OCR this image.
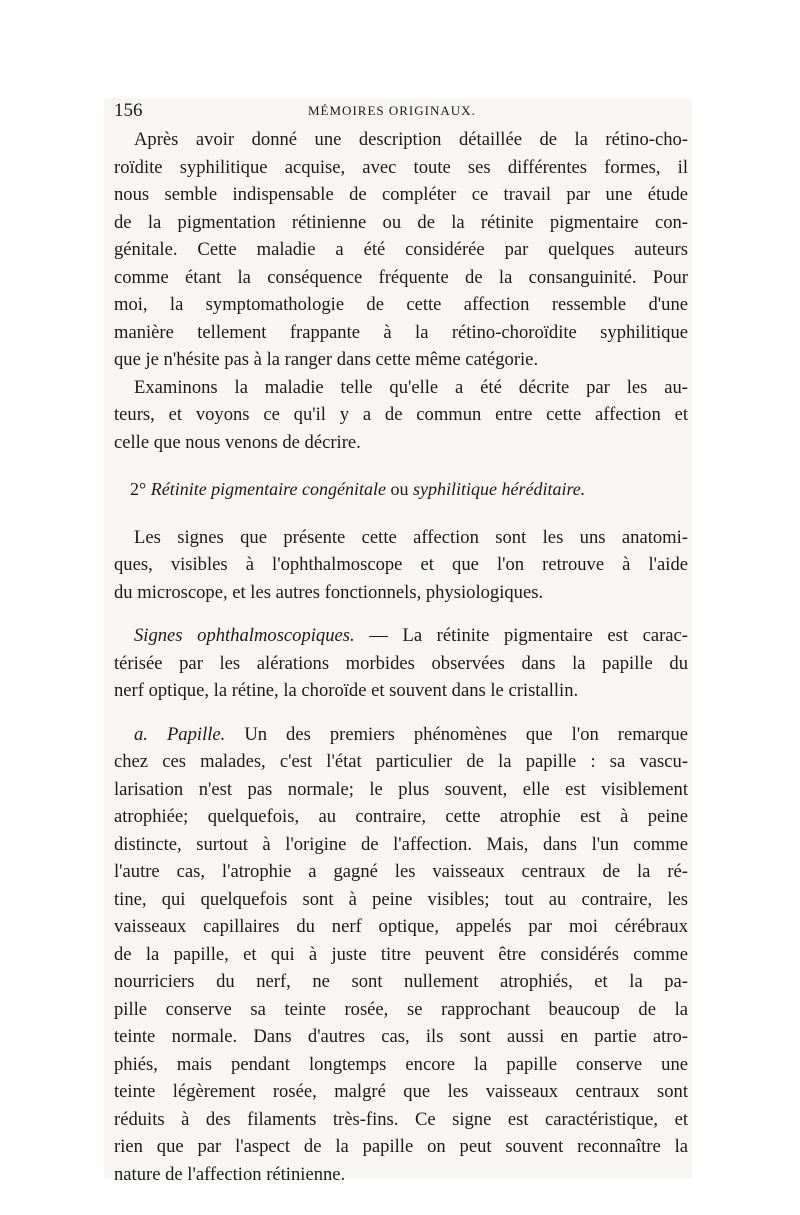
156	MÉMOIRES ORIGINAUX.
Après avoir donné une description détaillée de la rétino-cho-
roïdite syphilitique acquise, avec toute ses différentes formes, il
nous semble indispensable de compléter ce travail par une étude
de la pigmentation rétinienne ou de la rétinite pigmentaire con-
génitale. Cette maladie a été considérée par quelques auteurs
comme étant la conséquence fréquente de la consanguinité. Pour
moi, la symptomathologie de cette affection ressemble d'une
manière tellement frappante à la rétino-choroïdite syphilitique
que je n'hésite pas à la ranger dans cette même catégorie.
Examinons la maladie telle qu'elle a été décrite par les au-
teurs, et voyons ce qu'il y a de commun entre cette affection et
celle que nous venons de décrire.
2° Rétinite pigmentaire congénitale ou syphilitique héréditaire.
Les signes que présente cette affection sont les uns anatomi-
ques, visibles à l'ophthalmoscope et que l'on retrouve à l'aide
du microscope, et les autres fonctionnels, physiologiques.
Signes ophthalmoscopiques. — La rétinite pigmentaire est carac-
térisée par les alérations morbides observées dans la papille du
nerf optique, la rétine, la choroïde et souvent dans le cristallin.
a. Papille. Un des premiers phénomènes que l'on remarque
chez ces malades, c'est l'état particulier de la papille : sa vascu-
larisation n'est pas normale; le plus souvent, elle est visiblement
atrophiée; quelquefois, au contraire, cette atrophie est à peine
distincte, surtout à l'origine de l'affection. Mais, dans l'un comme
l'autre cas, l'atrophie a gagné les vaisseaux centraux de la ré-
tine, qui quelquefois sont à peine visibles; tout au contraire, les
vaisseaux capillaires du nerf optique, appelés par moi cérébraux
de la papille, et qui à juste titre peuvent être considérés comme
nourriciers du nerf, ne sont nullement atrophiés, et la pa-
pille conserve sa teinte rosée, se rapprochant beaucoup de la
teinte normale. Dans d'autres cas, ils sont aussi en partie atro-
phiés, mais pendant longtemps encore la papille conserve une
teinte légèrement rosée, malgré que les vaisseaux centraux sont
réduits à des filaments très-fins. Ce signe est caractéristique, et
rien que par l'aspect de la papille on peut souvent reconnaître la
nature de l'affection rétinienne.
